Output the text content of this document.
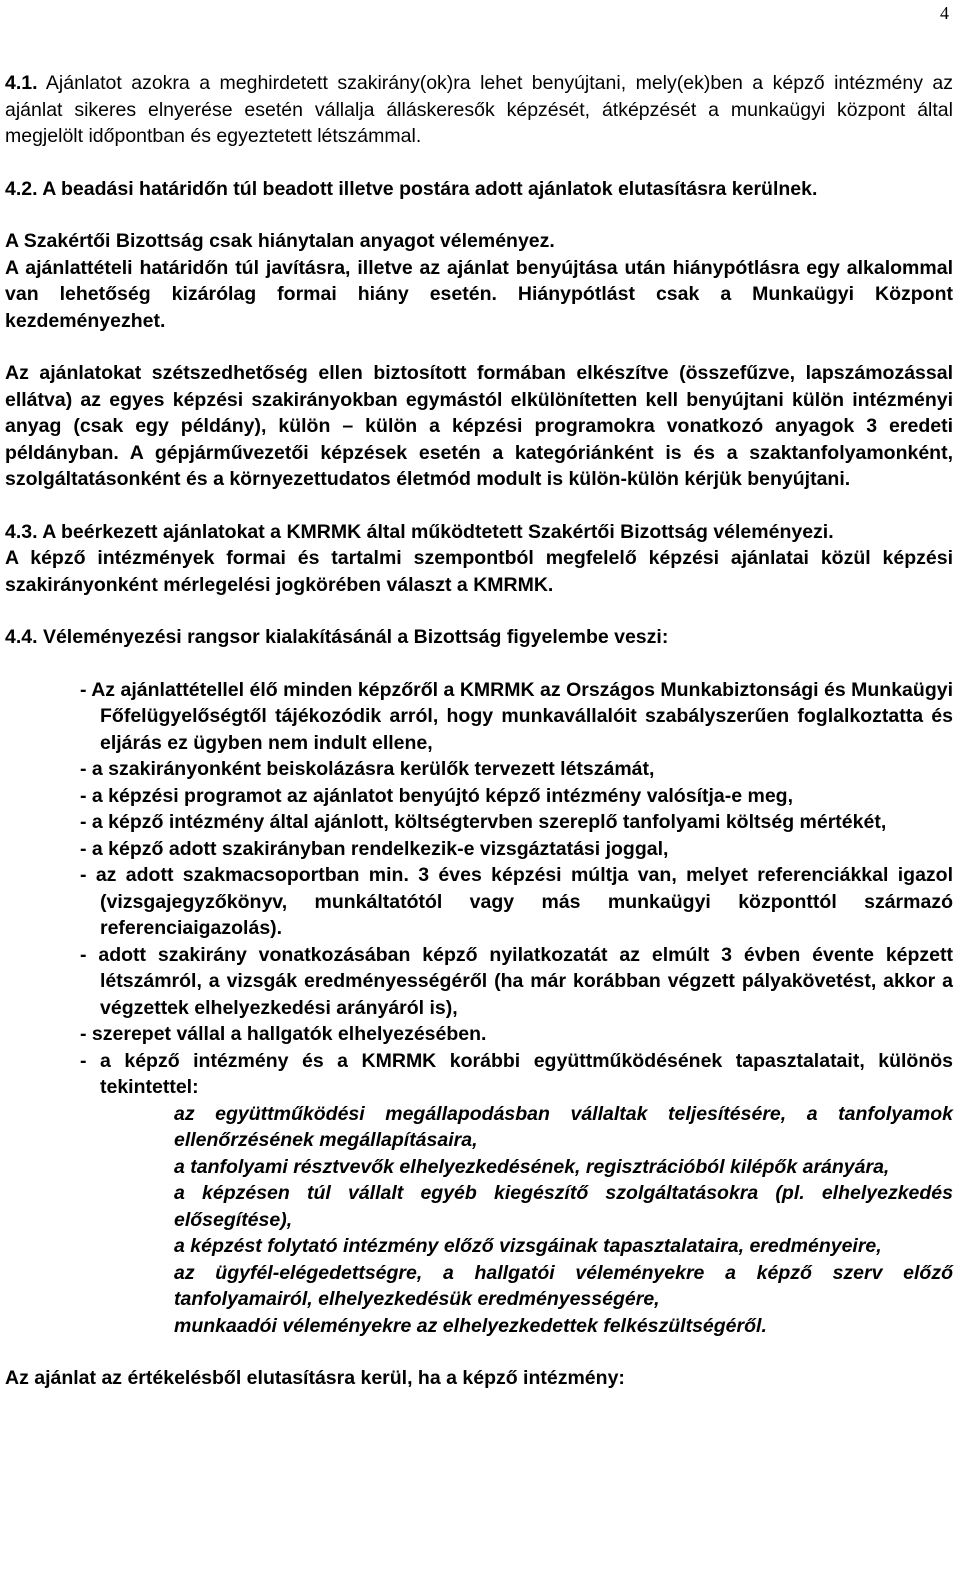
4

4.1. Ajánlatot azokra a meghirdetett szakirány(ok)ra lehet benyújtani, mely(ek)ben a képző intézmény az ajánlat sikeres elnyerése esetén vállalja álláskeresők képzését, átképzését a munkaügyi központ által megjelölt időpontban és egyeztetett létszámmal.

4.2. A beadási határidőn túl beadott illetve postára adott ajánlatok elutasításra kerülnek.

A Szakértői Bizottság csak hiánytalan anyagot véleményez.

A ajánlattételi határidőn túl javításra, illetve az ajánlat benyújtása után hiánypótlásra egy alkalommal van lehetőség kizárólag formai hiány esetén. Hiánypótlást csak a Munkaügyi Központ kezdeményezhet.

Az ajánlatokat szétszedhetőség ellen biztosított formában elkészítve (összefűzve, lapszámozással ellátva) az egyes képzési szakirányokban egymástól elkülönítetten kell benyújtani külön intézményi anyag (csak egy példány), külön – külön a képzési programokra vonatkozó anyagok 3 eredeti példányban. A gépjárművezetői képzések esetén a kategóriánként is és a szaktanfolyamonként, szolgáltatásonként és a környezettudatos életmód modult is külön-külön kérjük benyújtani.

4.3. A beérkezett ajánlatokat a KMRMK által működtetett Szakértői Bizottság véleményezi.

A képző intézmények formai és tartalmi szempontból megfelelő képzési ajánlatai közül képzési szakirányonként mérlegelési jogkörében választ a KMRMK.

4.4. Véleményezési rangsor kialakításánál a Bizottság figyelembe veszi:

- Az ajánlattétellel élő minden képzőről a KMRMK az Országos Munkabiztonsági és Munkaügyi Főfelügyelőségtől tájékozódik arról, hogy munkavállalóit szabályszerűen foglalkoztatta és eljárás ez ügyben nem indult ellene,
- a szakirányonként beiskolázásra kerülők tervezett létszámát,
- a képzési programot az ajánlatot benyújtó képző intézmény valósítja-e meg,
- a képző intézmény által ajánlott, költségtervben szereplő tanfolyami költség mértékét,
- a képző adott szakirányban rendelkezik-e vizsgáztatási joggal,
- az adott szakmacsoportban min. 3 éves képzési múltja van, melyet referenciákkal igazol (vizsgajegyzőkönyv, munkáltatótól vagy más munkaügyi központtól származó referenciaigazolás).
- adott szakirány vonatkozásában képző nyilatkozatát az elmúlt 3 évben évente képzett létszámról, a vizsgák eredményességéről (ha már korábban végzett pályakövetést, akkor a végzettek elhelyezkedési arányáról is),
- szerepet vállal a hallgatók elhelyezésében.
- a képző intézmény és a KMRMK korábbi együttműködésének tapasztalatait, különös tekintettel:
az együttműködési megállapodásban vállaltak teljesítésére, a tanfolyamok ellenőrzésének megállapításaira,
a tanfolyami résztvevők elhelyezkedésének, regisztrációból kilépők arányára,
a képzésen túl vállalt egyéb kiegészítő szolgáltatásokra (pl. elhelyezkedés elősegítése),
a képzést folytató intézmény előző vizsgáinak tapasztalataira, eredményeire,
az ügyfél-elégedettségre, a hallgatói véleményekre a képző szerv előző tanfolyamairól, elhelyezkedésük eredményességére,
munkaadói véleményekre az elhelyezkedettek felkészültségéről.

Az ajánlat az értékelésből elutasításra kerül, ha a képző intézmény:
